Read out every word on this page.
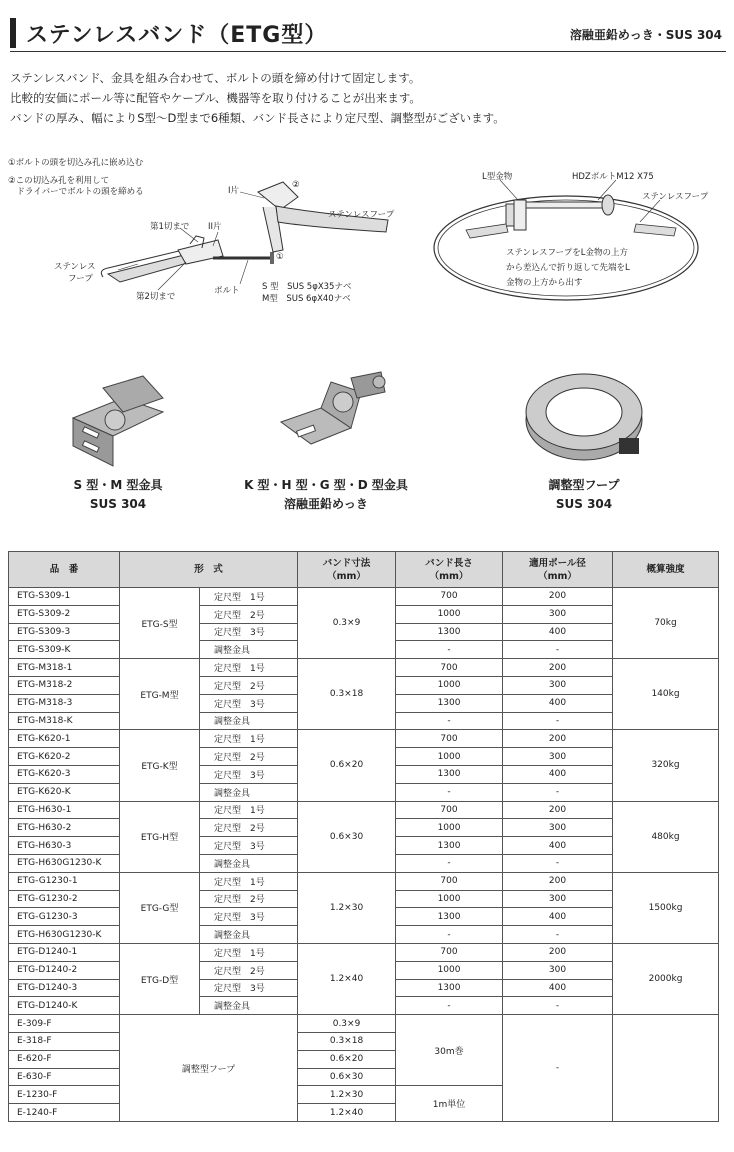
ステンレスバンド（ETG型）	溶融亜鉛めっき・SUS 304

ステンレスバンド、金具を組み合わせて、ボルトの頭を締め付けて固定します。

比較的安価にポール等に配管やケーブル、機器等を取り付けることが出来ます。

バンドの厚み、幅によりS型〜D型まで6種類、バンド長さにより定尺型、調整型がございます。

①ボルトの頭を切込み孔に嵌め込む
②この切込み孔を利用して
　ドライバーでボルトの頭を締める	I片
②
第1切まで II片
ステンレスフープ
①
ステンレス
フープ
ボルト
第2切まで
S 型　SUS 5φX35ナベ
M型　SUS 6φX40ナベ
L型金物	HDZボルトM12 X75
ステンレスフープ
ステンレスフープをL金物の上方
から差込んで折り返して先端をL
金物の上方から出す
S 型・M 型金具
SUS 304
K 型・H 型・G 型・D 型金具
溶融亜鉛めっき
調整型フープ
SUS 304
品　番	形　式		バンド寸法
（mm）	バンド長さ
（mm）	適用ポール径
（mm）	概算強度
ETG-S309-1	ETG-S型	定尺型　1号	0.3×9	700	200	70kg
ETG-S309-2		定尺型　2号		1000	300	
ETG-S309-3		定尺型　3号		1300	400	
ETG-S309-K		調整金具		-	-	
ETG-M318-1	ETG-M型	定尺型　1号	0.3×18	700	200	140kg
ETG-M318-2		定尺型　2号		1000	300	
ETG-M318-3		定尺型　3号		1300	400	
ETG-M318-K		調整金具		-	-	
ETG-K620-1	ETG-K型	定尺型　1号	0.6×20	700	200	320kg
ETG-K620-2		定尺型　2号		1000	300	
ETG-K620-3		定尺型　3号		1300	400	
ETG-K620-K		調整金具		-	-	
ETG-H630-1	ETG-H型	定尺型　1号	0.6×30	700	200	480kg
ETG-H630-2		定尺型　2号		1000	300	
ETG-H630-3		定尺型　3号		1300	400	
ETG-H630G1230-K		調整金具		-	-	
ETG-G1230-1	ETG-G型	定尺型　1号	1.2×30	700	200	1500kg
ETG-G1230-2		定尺型　2号		1000	300	
ETG-G1230-3		定尺型　3号		1300	400	
ETG-H630G1230-K		調整金具		-	-	
ETG-D1240-1	ETG-D型	定尺型　1号	1.2×40	700	200	2000kg
ETG-D1240-2		定尺型　2号		1000	300	
ETG-D1240-3		定尺型　3号		1300	400	
ETG-D1240-K		調整金具		-	-	
E-309-F	調整型フープ		0.3×9	30m巻	-	
E-318-F			0.3×18			
E-620-F			0.6×20			
E-630-F			0.6×30			
E-1230-F			1.2×30	1m単位		
E-1240-F			1.2×40			
